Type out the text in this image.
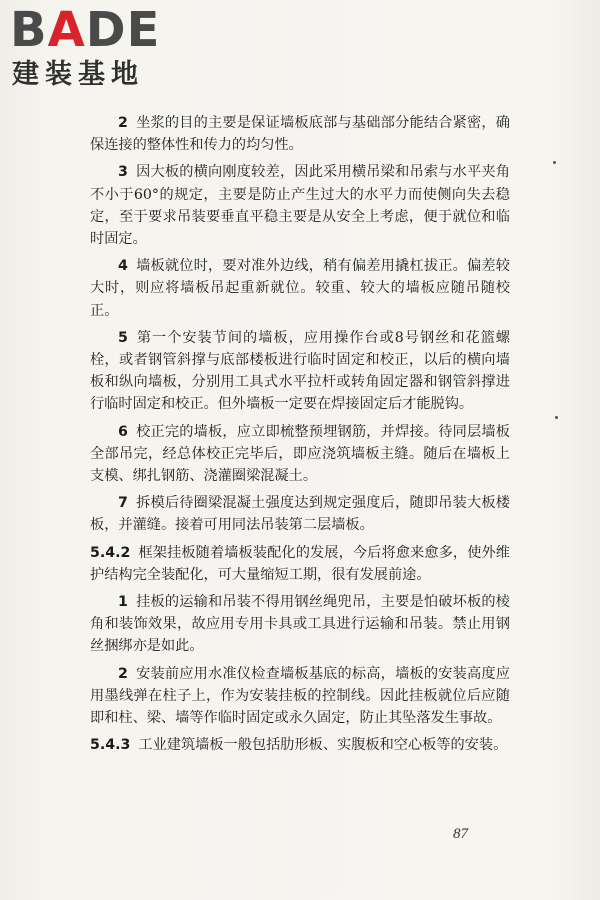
BADE
建装基地

2 坐浆的目的主要是保证墙板底部与基础部分能结合紧密，确保连接的整体性和传力的均匀性。

3 因大板的横向刚度较差，因此采用横吊梁和吊索与水平夹角不小于60°的规定，主要是防止产生过大的水平力而使侧向失去稳定，至于要求吊装要垂直平稳主要是从安全上考虑，便于就位和临时固定。

4 墙板就位时，要对准外边线，稍有偏差用撬杠拔正。偏差较大时，则应将墙板吊起重新就位。较重、较大的墙板应随吊随校正。

5 第一个安装节间的墙板，应用操作台或8号钢丝和花篮螺栓，或者钢管斜撑与底部楼板进行临时固定和校正，以后的横向墙板和纵向墙板，分别用工具式水平拉杆或转角固定器和钢管斜撑进行临时固定和校正。但外墙板一定要在焊接固定后才能脱钩。

6 校正完的墙板，应立即梳整预埋钢筋，并焊接。待同层墙板全部吊完，经总体校正完毕后，即应浇筑墙板主缝。随后在墙板上支模、绑扎钢筋、浇灌圈梁混凝土。

7 拆模后待圈梁混凝土强度达到规定强度后，随即吊装大板楼板，并灌缝。接着可用同法吊装第二层墙板。

5.4.2 框架挂板随着墙板装配化的发展，今后将愈来愈多，使外维护结构完全装配化，可大量缩短工期，很有发展前途。

1 挂板的运输和吊装不得用钢丝绳兜吊，主要是怕破坏板的棱角和装饰效果，故应用专用卡具或工具进行运输和吊装。禁止用钢丝捆绑亦是如此。

2 安装前应用水准仪检查墙板基底的标高，墙板的安装高度应用墨线弹在柱子上，作为安装挂板的控制线。因此挂板就位后应随即和柱、梁、墙等作临时固定或永久固定，防止其坠落发生事故。

5.4.3 工业建筑墙板一般包括肋形板、实腹板和空心板等的安装。

87
